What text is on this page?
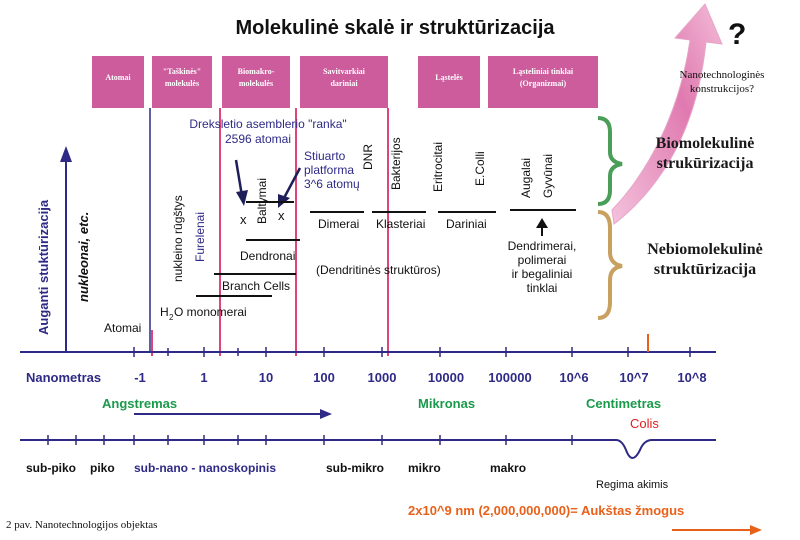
Molekulinė skalė ir struktūrizacija	?
Atomai
"Taškinės"
molekulės
Biomakro-
molekulės
Savitvarkiai
dariniai
Ląstelės
Ląsteliniai tinklai
(Organizmai)
Nanotechnologinės
konstrukcijos?
Biomolekulinė
strukūrizacija
Nebiomolekulinė
struktūrizacija
Auganti stuktūrizacija nukleonai, etc.
Dreksletio asemblerio "ranka"
2596 atomai
Stiuarto
platforma
3^6 atomų
nukleino rūgštys Furelenai
Baltymai
DNR Bakterijos Eritrocitai E.Colli	Augalai Gyvūnai
Atomai
x x
Dimerai Klasteriai Dariniai
Dendronai
(Dendritinės struktūros)
Branch Cells
H 2 O monomerai
Dendrimerai,
polimerai
ir begaliniai
tinklai
Nanometras	-1	1	10	100	1000 10000 100000 10^6 10^7 10^8
Angstremas	Mikronas	Centimetras
Colis
sub-piko piko sub-nano - nanoskopinis	sub-mikro mikro	makro
Regima akimis
2x10^9 nm (2,000,000,000)= Aukštas žmogus
2 pav. Nanotechnologijos objektas
